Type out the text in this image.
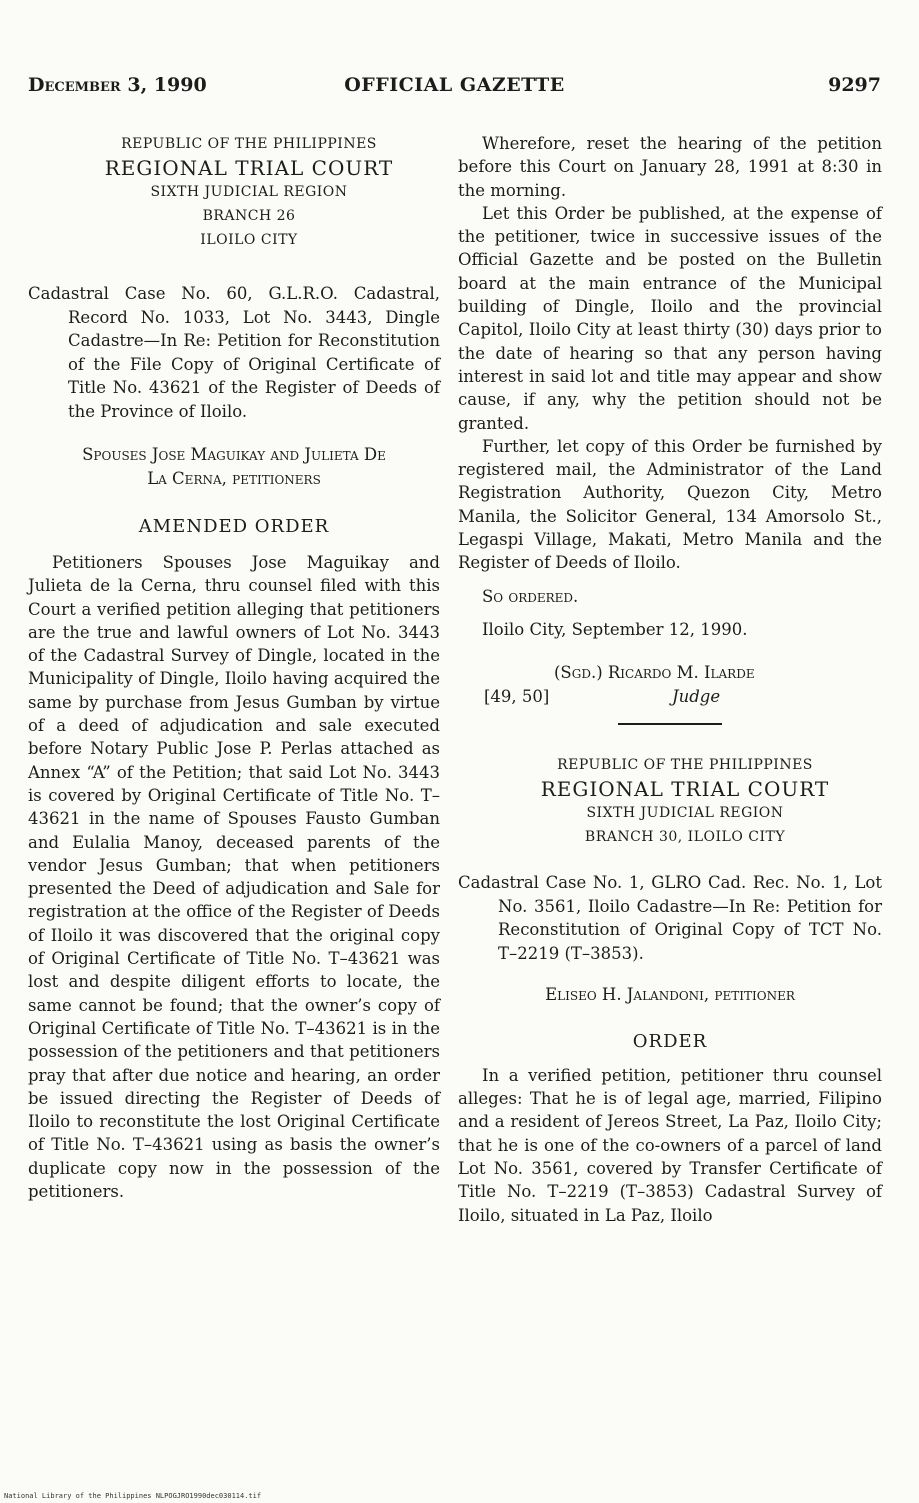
December 3, 1990	OFFICIAL GAZETTE	9297
REPUBLIC OF THE PHILIPPINES
REGIONAL TRIAL COURT
SIXTH JUDICIAL REGION
BRANCH 26
ILOILO CITY
Cadastral Case No. 60, G.L.R.O. Cadastral, Record No. 1033, Lot No. 3443, Dingle Cadastre—In Re: Petition for Reconstitution of the File Copy of Original Certificate of Title No. 43621 of the Register of Deeds of the Province of Iloilo.
Spouses Jose Maguikay and Julieta De
La Cerna, petitioners
AMENDED ORDER

Petitioners Spouses Jose Maguikay and Julieta de la Cerna, thru counsel filed with this Court a verified petition alleging that petitioners are the true and lawful owners of Lot No. 3443 of the Cadastral Survey of Dingle, located in the Municipality of Dingle, Iloilo having acquired the same by purchase from Jesus Gumban by virtue of a deed of adjudication and sale executed before Notary Public Jose P. Perlas attached as Annex “A” of the Petition; that said Lot No. 3443 is covered by Original Certificate of Title No. T–43621 in the name of Spouses Fausto Gumban and Eulalia Manoy, deceased parents of the vendor Jesus Gumban; that when petitioners presented the Deed of adjudication and Sale for registration at the office of the Register of Deeds of Iloilo it was discovered that the original copy of Original Certificate of Title No. T–43621 was lost and despite diligent efforts to locate, the same cannot be found; that the owner’s copy of Original Certificate of Title No. T–43621 is in the possession of the petitioners and that petitioners pray that after due notice and hearing, an order be issued directing the Register of Deeds of Iloilo to reconstitute the lost Original Certificate of Title No. T–43621 using as basis the owner’s duplicate copy now in the possession of the petitioners.

Wherefore, reset the hearing of the petition before this Court on January 28, 1991 at 8:30 in the morning.

Let this Order be published, at the expense of the petitioner, twice in successive issues of the Official Gazette and be posted on the Bulletin board at the main entrance of the Municipal building of Dingle, Iloilo and the provincial Capitol, Iloilo City at least thirty (30) days prior to the date of hearing so that any person having interest in said lot and title may appear and show cause, if any, why the petition should not be granted.

Further, let copy of this Order be furnished by registered mail, the Administrator of the Land Registration Authority, Quezon City, Metro Manila, the Solicitor General, 134 Amorsolo St., Legaspi Village, Makati, Metro Manila and the Register of Deeds of Iloilo.

So ordered.

Iloilo City, September 12, 1990.

(Sgd.) Ricardo M. Ilarde
[49, 50]	Judge
REPUBLIC OF THE PHILIPPINES
REGIONAL TRIAL COURT
SIXTH JUDICIAL REGION
BRANCH 30, ILOILO CITY
Cadastral Case No. 1, GLRO Cad. Rec. No. 1, Lot No. 3561, Iloilo Cadastre—In Re: Petition for Reconstitution of Original Copy of TCT No. T–2219 (T–3853).
Eliseo H. Jalandoni, petitioner
ORDER

In a verified petition, petitioner thru counsel alleges: That he is of legal age, married, Filipino and a resident of Jereos Street, La Paz, Iloilo City; that he is one of the co-owners of a parcel of land Lot No. 3561, covered by Transfer Certificate of Title No. T–2219 (T–3853) Cadastral Survey of Iloilo, situated in La Paz, Iloilo

National Library of the Philippines NLPOGJRO1990dec030114.tif
